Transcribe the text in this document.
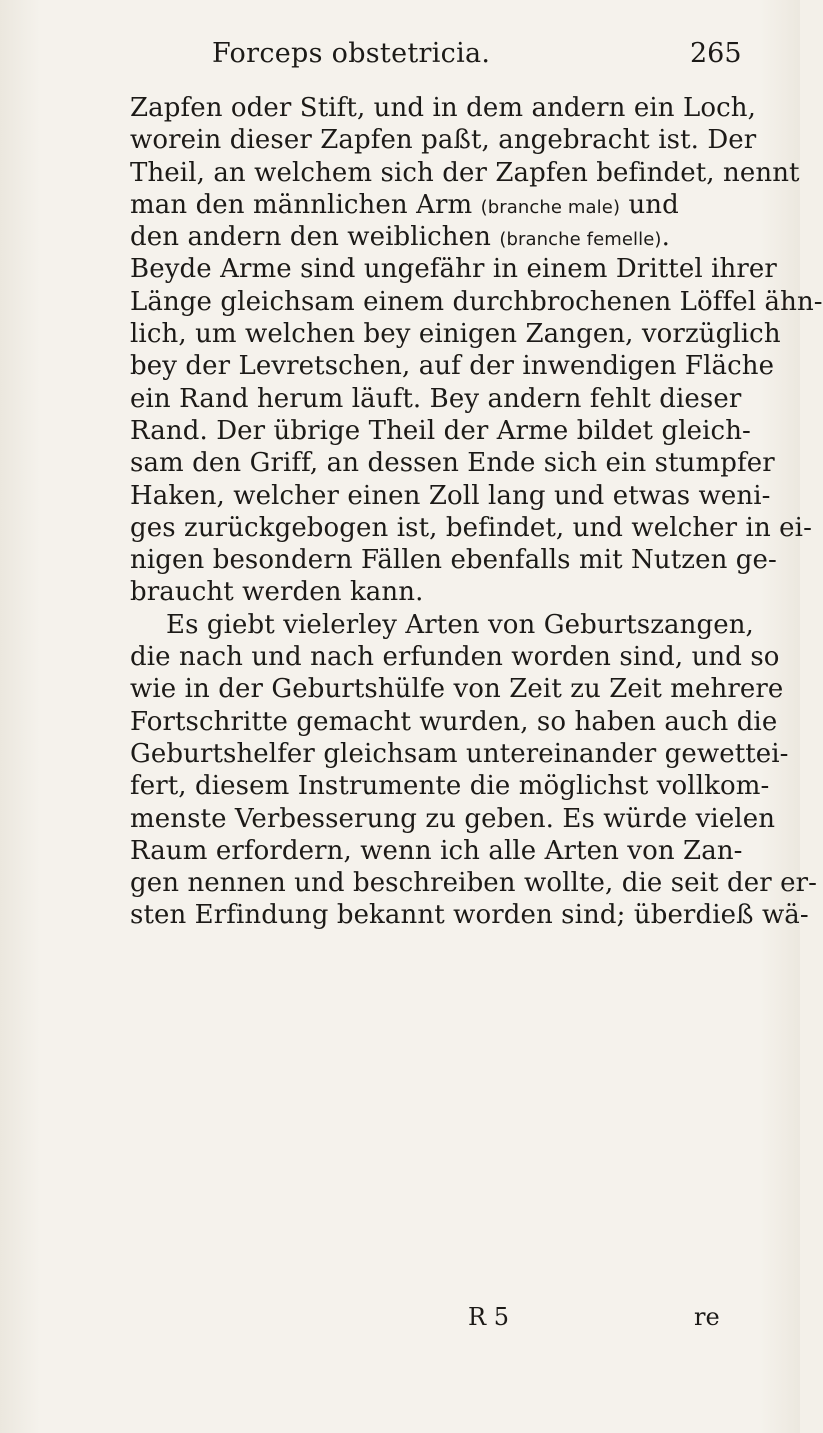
Forceps obstetricia.	265
Zapfen oder Stift, und in dem andern ein Loch,
worein dieser Zapfen paßt, angebracht ist. Der
Theil, an welchem sich der Zapfen befindet, nennt
man den männlichen Arm (branche male) und
den andern den weiblichen (branche femelle).
Beyde Arme sind ungefähr in einem Drittel ihrer
Länge gleichsam einem durchbrochenen Löffel ähn-
lich, um welchen bey einigen Zangen, vorzüglich
bey der Levretschen, auf der inwendigen Fläche
ein Rand herum läuft. Bey andern fehlt dieser
Rand. Der übrige Theil der Arme bildet gleich-
sam den Griff, an dessen Ende sich ein stumpfer
Haken, welcher einen Zoll lang und etwas weni-
ges zurückgebogen ist, befindet, und welcher in ei-
nigen besondern Fällen ebenfalls mit Nutzen ge-
braucht werden kann.
Es giebt vielerley Arten von Geburtszangen,
die nach und nach erfunden worden sind, und so
wie in der Geburtshülfe von Zeit zu Zeit mehrere
Fortschritte gemacht wurden, so haben auch die
Geburtshelfer gleichsam untereinander gewettei-
fert, diesem Instrumente die möglichst vollkom-
menste Verbesserung zu geben. Es würde vielen
Raum erfordern, wenn ich alle Arten von Zan-
gen nennen und beschreiben wollte, die seit der er-
sten Erfindung bekannt worden sind; überdieß wä-
R 5	re
